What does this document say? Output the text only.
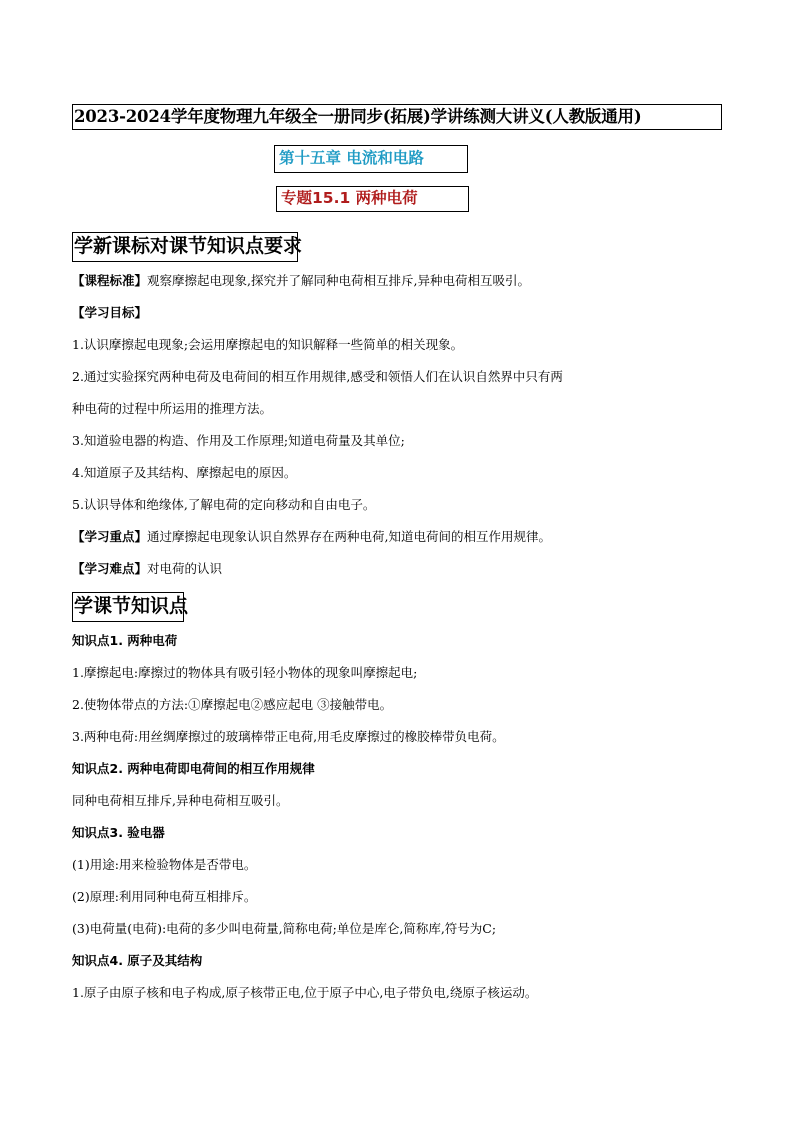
2023-2024学年度物理九年级全一册同步(拓展)学讲练测大讲义(人教版通用)
第十五章 电流和电路
专题15.1 两种电荷
学新课标对课节知识点要求
【课程标准】观察摩擦起电现象,探究并了解同种电荷相互排斥,异种电荷相互吸引。
【学习目标】
1.认识摩擦起电现象;会运用摩擦起电的知识解释一些简单的相关现象。
2.通过实验探究两种电荷及电荷间的相互作用规律,感受和领悟人们在认识自然界中只有两
种电荷的过程中所运用的推理方法。
3.知道验电器的构造、作用及工作原理;知道电荷量及其单位;
4.知道原子及其结构、摩擦起电的原因。
5.认识导体和绝缘体,了解电荷的定向移动和自由电子。
【学习重点】通过摩擦起电现象认识自然界存在两种电荷,知道电荷间的相互作用规律。
【学习难点】对电荷的认识
学课节知识点
知识点1. 两种电荷
1.摩擦起电:摩擦过的物体具有吸引轻小物体的现象叫摩擦起电;
2.使物体带点的方法:①摩擦起电②感应起电 ③接触带电。
3.两种电荷:用丝绸摩擦过的玻璃棒带正电荷,用毛皮摩擦过的橡胶棒带负电荷。
知识点2. 两种电荷即电荷间的相互作用规律
同种电荷相互排斥,异种电荷相互吸引。
知识点3. 验电器
(1)用途:用来检验物体是否带电。
(2)原理:利用同种电荷互相排斥。
(3)电荷量(电荷):电荷的多少叫电荷量,简称电荷;单位是库仑,简称库,符号为C;
知识点4. 原子及其结构
1.原子由原子核和电子构成,原子核带正电,位于原子中心,电子带负电,绕原子核运动。
